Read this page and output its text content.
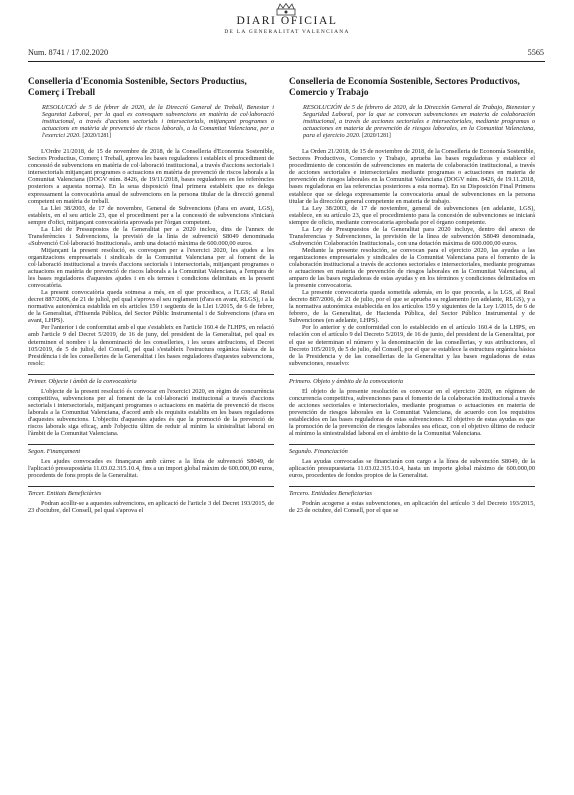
DIARI OFICIAL
DE LA GENERALITAT VALENCIANA
Num. 8741 / 17.02.2020	5565
Conselleria d'Economia Sostenible, Sectors Productius, Comerç i Treball
RESOLUCIÓ de 5 de febrer de 2020, de la Direcció General de Treball, Benestar i Seguretat Laboral, per la qual es convoquen subvencions en matèria de col·laboració institucional, a través d'accions sectorials i intersectorials, mitjançant programes o actuacions en matèria de prevenció de riscos laborals, a la Comunitat Valenciana, per a l'exercici 2020. [2020/1281]

L'Ordre 21/2018, de 15 de novembre de 2018, de la Conselleria d'Economia Sostenible, Sectors Productius, Comerç i Treball, aprova les bases reguladores i estableix el procediment de concessió de subvencions en matèria de col·laboració institucional, a través d'accions sectorials i intersectorials mitjançant programes o actuacions en matèria de prevenció de riscos laborals a la Comunitat Valenciana (DOGV núm. 8426, de 19/11/2018, bases reguladores en les referències posteriors a aquesta norma). En la seua disposició final primera estableix que es delega expressament la convocatòria anual de subvencions en la persona titular de la direcció general competent en matèria de treball.

La Llei 38/2003, de 17 de novembre, General de Subvencions (d'ara en avant, LGS), estableix, en el seu article 23, que el procediment per a la concessió de subvencions s'iniciarà sempre d'ofici, mitjançant convocatòria aprovada per l'òrgan competent.

La Llei de Pressupostos de la Generalitat per a 2020 inclou, dins de l'annex de Transferències i Subvencions, la previsió de la línia de subvenció S8049 denominada «Subvenció Col·laboració Institucional», amb una dotació màxima de 600.000,00 euros.

Mitjançant la present resolució, es convoquen per a l'exercici 2020, les ajudes a les organitzacions empresarials i sindicals de la Comunitat Valenciana per al foment de la col·laboració institucional a través d'accions sectorials i intersectorials, mitjançant programes o actuacions en matèria de prevenció de riscos laborals a la Comunitat Valenciana, a l'empara de les bases reguladores d'aquestes ajudes i en els termes i condicions delimitats en la present convocatòria.

La present convocatòria queda sotmesa a més, en el que procedisca, a l'LGS; al Reial decret 887/2006, de 21 de juliol, pel qual s'aprova el seu reglament (d'ara en avant, RLGS), i a la normativa autonòmica establida en els articles 159 i següents de la Llei 1/2015, de 6 de febrer, de la Generalitat, d'Hisenda Pública, del Sector Públic Instrumental i de Subvencions (d'ara en avant, LHPS).

Per l'anterior i de conformitat amb el que s'estableix en l'article 160.4 de l'LHPS, en relació amb l'article 9 del Decret 5/2019, de 16 de juny, del president de la Generalitat, pel qual es determinen el nombre i la denominació de les conselleries, i les seues atribucions, el Decret 105/2019, de 5 de juliol, del Consell, pel qual s'estableix l'estructura orgànica bàsica de la Presidència i de les conselleries de la Generalitat i les bases reguladores d'aquestes subvencions, resolc:

Primer. Objecte i àmbit de la convocatòria

L'objecte de la present resolució és convocar en l'exercici 2020, en règim de concurrència competitiva, subvencions per al foment de la col·laboració institucional a través d'accions sectorials i intersectorials, mitjançant programes o actuacions en matèria de prevenció de riscos laborals a la Comunitat Valenciana, d'acord amb els requisits establits en les bases reguladores d'aquestes subvencions. L'objectiu d'aquestes ajudes és que la promoció de la prevenció de riscos laborals siga eficaç, amb l'objectiu últim de reduir al mínim la sinistralitat laboral en l'àmbit de la Comunitat Valenciana.

Segon. Finançament

Les ajudes convocades es finançaran amb càrrec a la línia de subvenció S8049, de l'aplicació pressupostària 11.03.02.315.10.4, fins a un import global màxim de 600.000,00 euros, procedents de fons propis de la Generalitat.

Tercer. Entitats Beneficiàries

Podran acollir-se a aquestes subvencions, en aplicació de l'article 3 del Decret 193/2015, de 23 d'octubre, del Consell, pel qual s'aprova el

Conselleria de Economía Sostenible, Sectores Productivos, Comercio y Trabajo
RESOLUCIÓN de 5 de febrero de 2020, de la Dirección General de Trabajo, Bienestar y Seguridad Laboral, por la que se convocan subvenciones en materia de colaboración institucional, a través de acciones sectoriales e intersectoriales, mediante programas o actuaciones en materia de prevención de riesgos laborales, en la Comunitat Valenciana, para el ejercicio 2020. [2020/1281]

La Orden 21/2018, de 15 de noviembre de 2018, de la Conselleria de Economía Sostenible, Sectores Productivos, Comercio y Trabajo, aprueba las bases reguladoras y establece el procedimiento de concesión de subvenciones en materia de colaboración institucional, a través de acciones sectoriales e intersectoriales mediante programas o actuaciones en materia de prevención de riesgos laborales en la Comunitat Valenciana (DOGV núm. 8426, de 19.11.2018, bases reguladoras en las referencias posteriores a esta norma). En su Disposición Final Primera establece que se delega expresamente la convocatoria anual de subvenciones en la persona titular de la dirección general competente en materia de trabajo.

La Ley 38/2003, de 17 de noviembre, general de subvenciones (en adelante, LGS), establece, en su artículo 23, que el procedimiento para la concesión de subvenciones se iniciará siempre de oficio, mediante convocatoria aprobada por el órgano competente.

La Ley de Presupuestos de la Generalitat para 2020 incluye, dentro del anexo de Transferencias y Subvenciones, la previsión de la línea de subvención S8049 denominada, «Subvención Colaboración Institucional», con una dotación máxima de 600.000,00 euros.

Mediante la presente resolución, se convocan para el ejercicio 2020, las ayudas a las organizaciones empresariales y sindicales de la Comunitat Valenciana para el fomento de la colaboración institucional a través de acciones sectoriales e intersectoriales, mediante programas o actuaciones en materia de prevención de riesgos laborales en la Comunitat Valenciana, al amparo de las bases reguladoras de estas ayudas y en los términos y condiciones delimitados en la presente convocatoria.

La presente convocatoria queda sometida además, en lo que proceda, a la LGS, al Real decreto 887/2006, de 21 de julio, por el que se aprueba su reglamento (en adelante, RLGS), y a la normativa autonómica establecida en los artículos 159 y siguientes de la Ley 1/2015, de 6 de febrero, de la Generalitat, de Hacienda Pública, del Sector Público Instrumental y de Subvenciones (en adelante, LHPS).

Por lo anterior y de conformidad con lo establecido en el artículo 160.4 de la LHPS, en relación con el artículo 9 del Decreto 5/2019, de 16 de junio, del president de la Generalitat, por el que se determinan el número y la denominación de las consellerias, y sus atribuciones, el Decreto 105/2019, de 5 de julio, del Consell, por el que se establece la estructura orgánica básica de la Presidencia y de las consellerias de la Generalitat y las bases reguladoras de estas subvenciones, resuelvo:

Primero. Objeto y ámbito de la convocatoria

El objeto de la presente resolución es convocar en el ejercicio 2020, en régimen de concurrencia competitiva, subvenciones para el fomento de la colaboración institucional a través de acciones sectoriales e intersectoriales, mediante programas o actuaciones en materia de prevención de riesgos laborales en la Comunitat Valenciana, de acuerdo con los requisitos establecidos en las bases reguladoras de estas subvenciones. El objetivo de estas ayudas es que la promoción de la prevención de riesgos laborales sea eficaz, con el objetivo último de reducir al mínimo la siniestralidad laboral en el ámbito de la Comunitat Valenciana.

Segundo. Financiación

Las ayudas convocadas se financiarán con cargo a la línea de subvención S8049, de la aplicación presupuestaria 11.03.02.315.10.4, hasta un importe global máximo de 600.000,00 euros, procedentes de fondos propios de la Generalitat.

Tercero. Entidades Beneficiarias

Podrán acogerse a estas subvenciones, en aplicación del artículo 3 del Decreto 193/2015, de 23 de octubre, del Consell, por el que se
